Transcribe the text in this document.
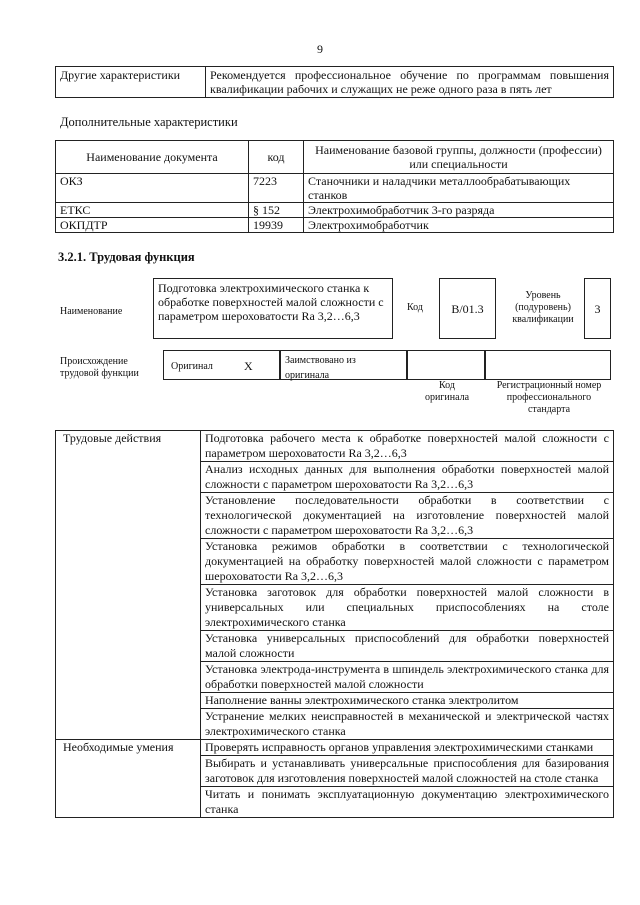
9
Другие характеристики	Рекомендуется профессиональное обучение по программам повышения квалификации рабочих и служащих не реже одного раза в пять лет
Дополнительные характеристики
Наименование документа	код	Наименование базовой группы, должности (профессии) или специальности
ОКЗ	7223	Станочники и наладчики металлообрабатывающих станков
ЕТКС	§ 152	Электрохимобработчик 3-го разряда
ОКПДТР	19939	Электрохимобработчик
3.2.1. Трудовая функция
Наименование
Подготовка электрохимического станка к обработке поверхностей малой сложности с параметром шероховатости Ra 3,2…6,3
Код	B/01.3
Уровень (подуровень) квалификации
3
Происхождение трудовой функции
Оригинал	X	Заимствовано из оригинала
Код оригинала
Регистрационный номер профессионального стандарта
Трудовые действия	Подготовка рабочего места к обработке поверхностей малой сложности с параметром шероховатости Ra 3,2…6,3
	Анализ исходных данных для выполнения обработки поверхностей малой сложности с параметром шероховатости Ra 3,2…6,3
	Установление последовательности обработки в соответствии с технологической документацией на изготовление поверхностей малой сложности с параметром шероховатости Ra 3,2…6,3
	Установка режимов обработки в соответствии с технологической документацией на обработку поверхностей малой сложности с параметром шероховатости Ra 3,2…6,3
	Установка заготовок для обработки поверхностей малой сложности в универсальных или специальных приспособлениях на столе электрохимического станка
	Установка универсальных приспособлений для обработки поверхностей малой сложности
	Установка электрода-инструмента в шпиндель электрохимического станка для обработки поверхностей малой сложности
	Наполнение ванны электрохимического станка электролитом
	Устранение мелких неисправностей в механической и электрической частях электрохимического станка
Необходимые умения	Проверять исправность органов управления электрохимическими станками
	Выбирать и устанавливать универсальные приспособления для базирования заготовок для изготовления поверхностей малой сложностей на столе станка
	Читать и понимать эксплуатационную документацию электрохимического станка
